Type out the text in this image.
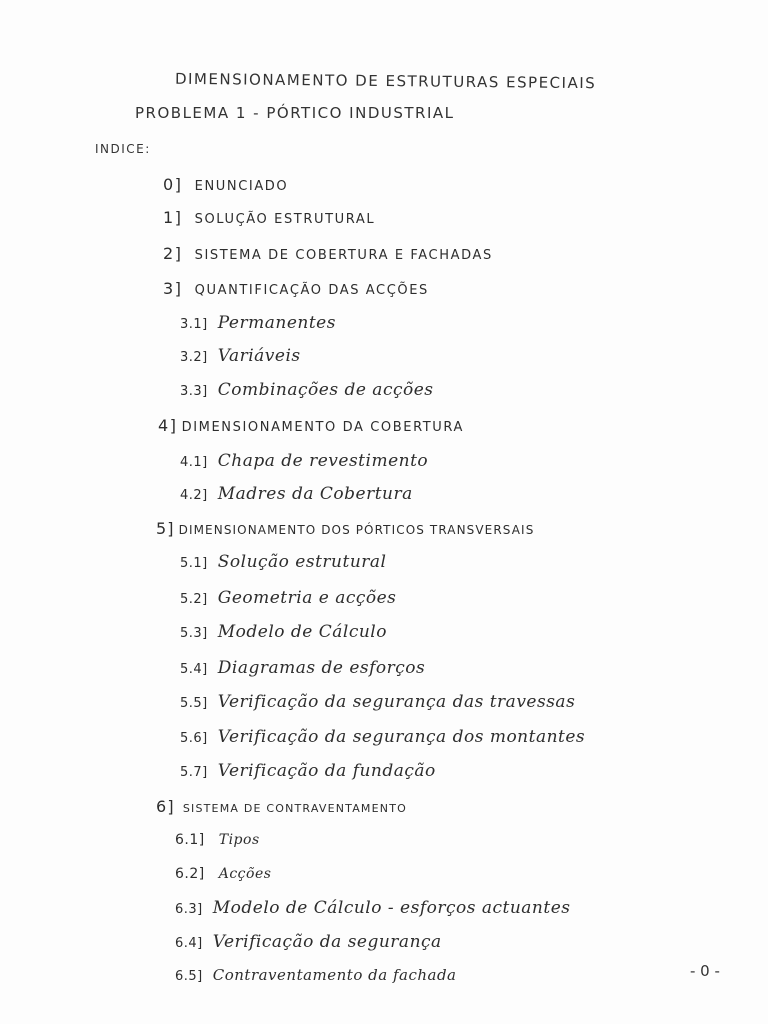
DIMENSIONAMENTO DE ESTRUTURAS ESPECIAIS
PROBLEMA 1 - PÓRTICO INDUSTRIAL
INDICE:
0] ENUNCIADO
1] SOLUÇÃO ESTRUTURAL
2] SISTEMA DE COBERTURA E FACHADAS
3] QUANTIFICAÇÃO DAS ACÇÕES
3.1] Permanentes
3.2] Variáveis
3.3] Combinações de acções
4] DIMENSIONAMENTO DA COBERTURA
4.1] Chapa de revestimento
4.2] Madres da Cobertura
5] DIMENSIONAMENTO DOS PÓRTICOS TRANSVERSAIS
5.1] Solução estrutural
5.2] Geometria e acções
5.3] Modelo de Cálculo
5.4] Diagramas de esforços
5.5] Verificação da segurança das travessas
5.6] Verificação da segurança dos montantes
5.7] Verificação da fundação
6] SISTEMA DE CONTRAVENTAMENTO
6.1] Tipos
6.2] Acções
6.3] Modelo de Cálculo - esforços actuantes
6.4] Verificação da segurança
6.5] Contraventamento da fachada	- 0 -
